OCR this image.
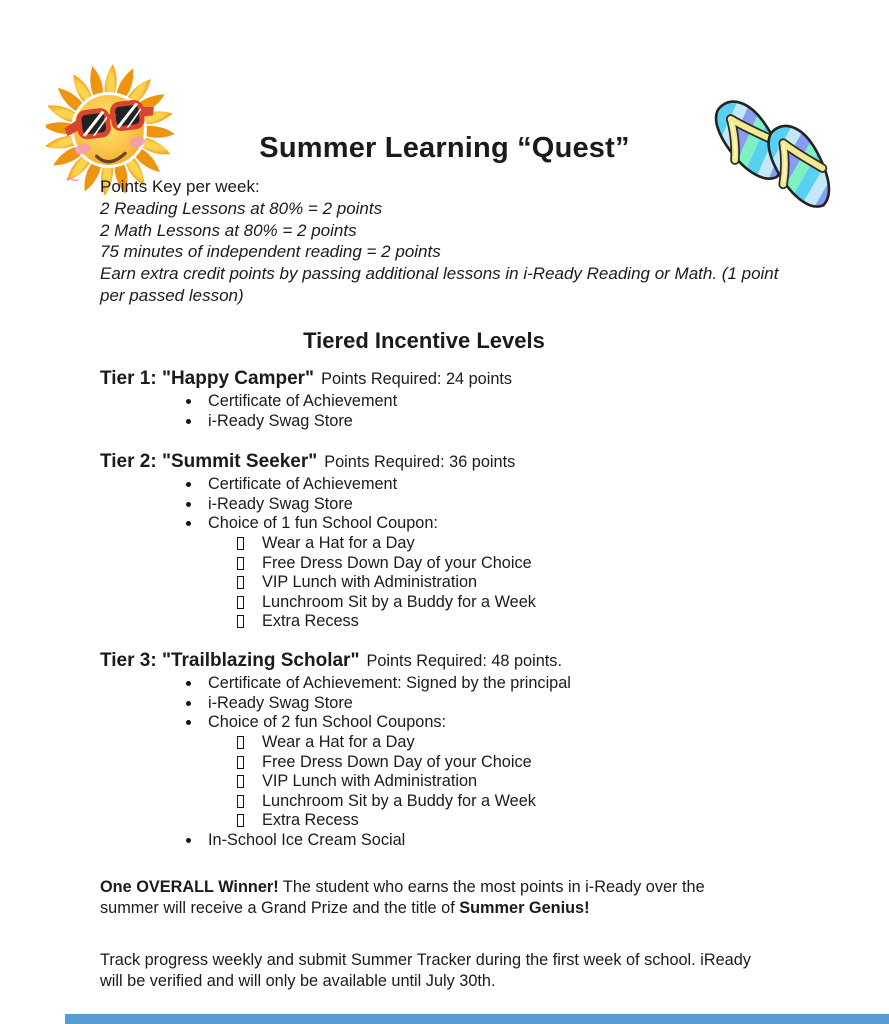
Summer Learning “Quest”
Points Key per week:
2 Reading Lessons at 80% = 2 points
2 Math Lessons at 80% = 2 points
75 minutes of independent reading = 2 points
Earn extra credit points by passing additional lessons in i-Ready Reading or Math. (1 point
per passed lesson)
Tiered Incentive Levels
Tier 1: "Happy Camper" Points Required: 24 points
Certificate of Achievement
i-Ready Swag Store
Tier 2: "Summit Seeker" Points Required: 36 points
Certificate of Achievement
i-Ready Swag Store
Choice of 1 fun School Coupon:
Wear a Hat for a Day
Free Dress Down Day of your Choice
VIP Lunch with Administration
Lunchroom Sit by a Buddy for a Week
Extra Recess
Tier 3: "Trailblazing Scholar" Points Required: 48 points.
Certificate of Achievement: Signed by the principal
i-Ready Swag Store
Choice of 2 fun School Coupons:
Wear a Hat for a Day
Free Dress Down Day of your Choice
VIP Lunch with Administration
Lunchroom Sit by a Buddy for a Week
Extra Recess
In-School Ice Cream Social
One OVERALL Winner! The student who earns the most points in i-Ready over the
summer will receive a Grand Prize and the title of Summer Genius!
Track progress weekly and submit Summer Tracker during the first week of school. iReady
will be verified and will only be available until July 30th.
